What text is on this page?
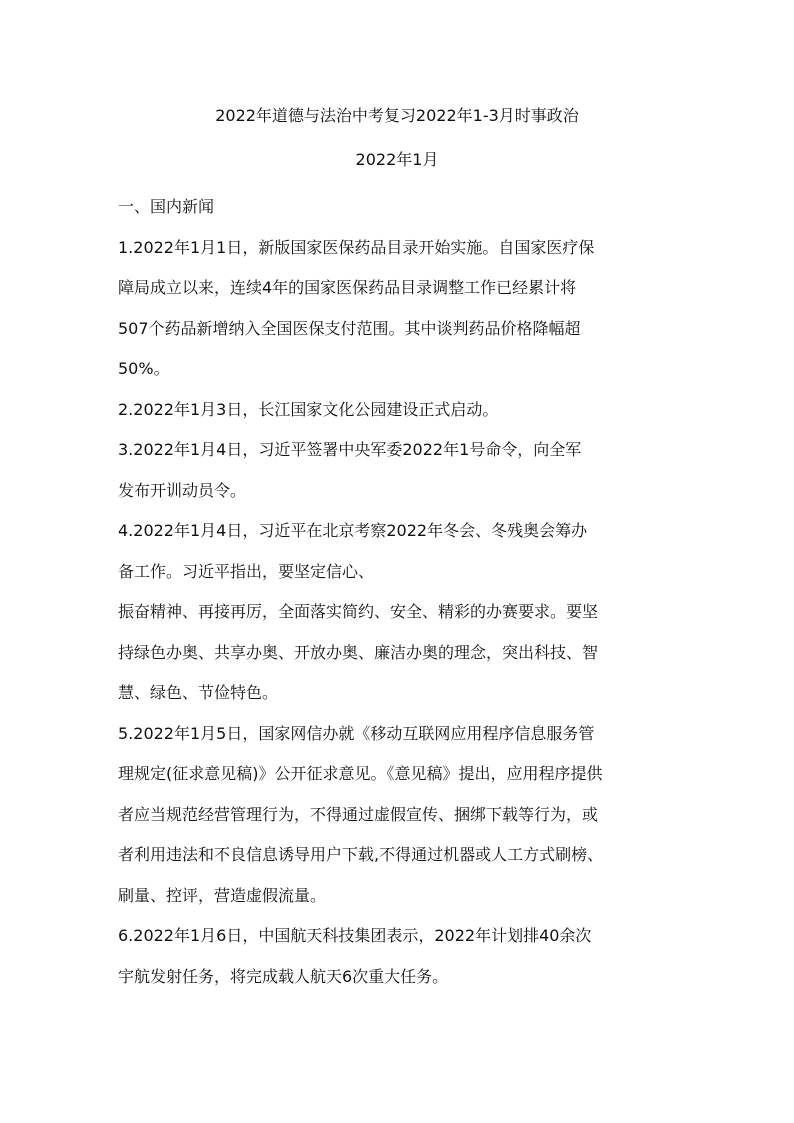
2022年道德与法治中考复习2022年1-3月时事政治
2022年1月
一、国内新闻
1.2022年1月1日，新版国家医保药品目录开始实施。自国家医疗保
障局成立以来，连续4年的国家医保药品目录调整工作已经累计将
507个药品新增纳入全国医保支付范围。其中谈判药品价格降幅超
50%。
2.2022年1月3日，长江国家文化公园建设正式启动。
3.2022年1月4日，习近平签署中央军委2022年1号命令，向全军
发布开训动员令。
4.2022年1月4日，习近平在北京考察2022年冬会、冬残奥会筹办
备工作。习近平指出，要坚定信心、
振奋精神、再接再厉，全面落实简约、安全、精彩的办赛要求。要坚
持绿色办奥、共享办奥、开放办奥、廉洁办奥的理念，突出科技、智
慧、绿色、节俭特色。
5.2022年1月5日，国家网信办就《移动互联网应用程序信息服务管
理规定(征求意见稿)》公开征求意见。《意见稿》提出，应用程序提供
者应当规范经营管理行为，不得通过虚假宣传、捆绑下载等行为，或
者利用违法和不良信息诱导用户下载,不得通过机器或人工方式刷榜、
刷量、控评，营造虚假流量。
6.2022年1月6日，中国航天科技集团表示，2022年计划排40余次
宇航发射任务，将完成载人航天6次重大任务。
